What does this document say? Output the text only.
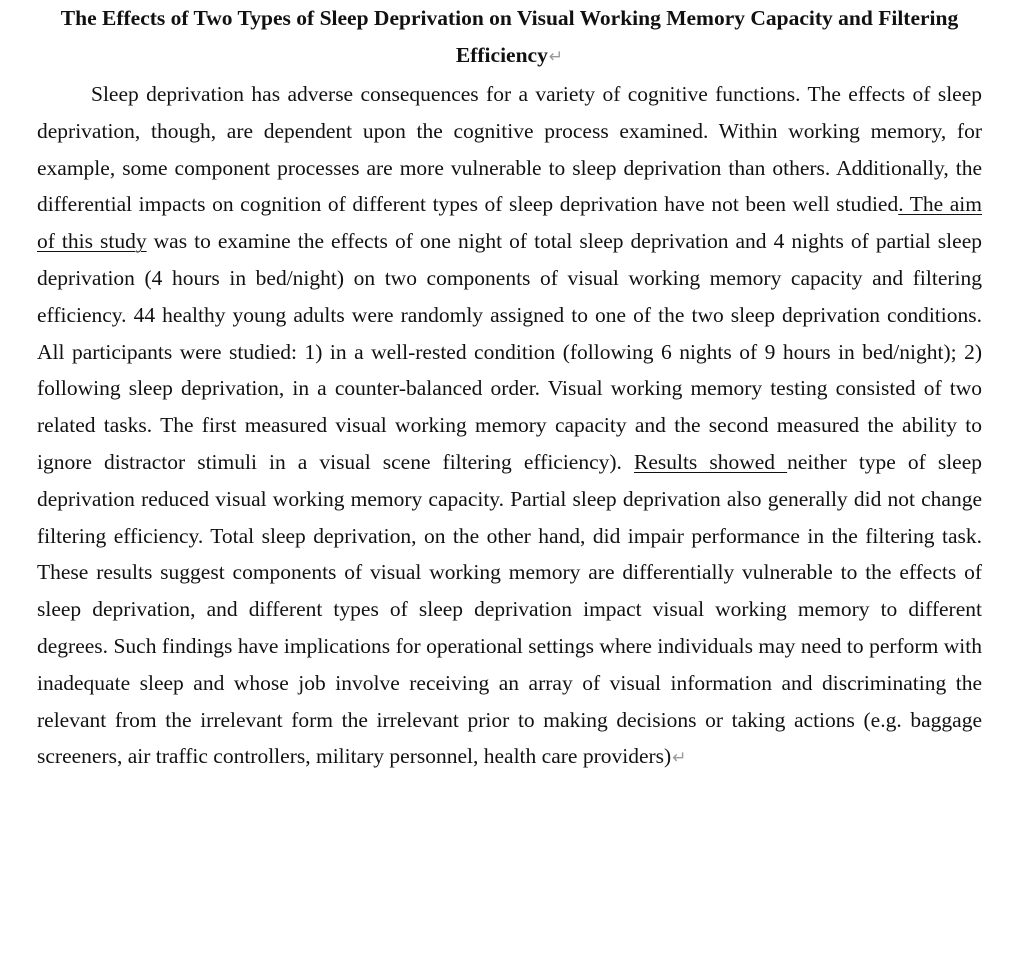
The Effects of Two Types of Sleep Deprivation on Visual Working Memory Capacity and Filtering Efficiency↵

Sleep deprivation has adverse consequences for a variety of cognitive functions. The effects of sleep deprivation, though, are dependent upon the cognitive process examined. Within working memory, for example, some component processes are more vulnerable to sleep deprivation than others. Additionally, the differential impacts on cognition of different types of sleep deprivation have not been well studied. The aim of this study was to examine the effects of one night of total sleep deprivation and 4 nights of partial sleep deprivation (4 hours in bed/night) on two components of visual working memory capacity and filtering efficiency. 44 healthy young adults were randomly assigned to one of the two sleep deprivation conditions. All participants were studied: 1) in a well-rested condition (following 6 nights of 9 hours in bed/night); 2) following sleep deprivation, in a counter-balanced order. Visual working memory testing consisted of two related tasks. The first measured visual working memory capacity and the second measured the ability to ignore distractor stimuli in a visual scene filtering efficiency). Results showed neither type of sleep deprivation reduced visual working memory capacity. Partial sleep deprivation also generally did not change filtering efficiency. Total sleep deprivation, on the other hand, did impair performance in the filtering task. These results suggest components of visual working memory are differentially vulnerable to the effects of sleep deprivation, and different types of sleep deprivation impact visual working memory to different degrees. Such findings have implications for operational settings where individuals may need to perform with inadequate sleep and whose job involve receiving an array of visual information and discriminating the relevant from the irrelevant form the irrelevant prior to making decisions or taking actions (e.g. baggage screeners, air traffic controllers, military personnel, health care providers)↵
